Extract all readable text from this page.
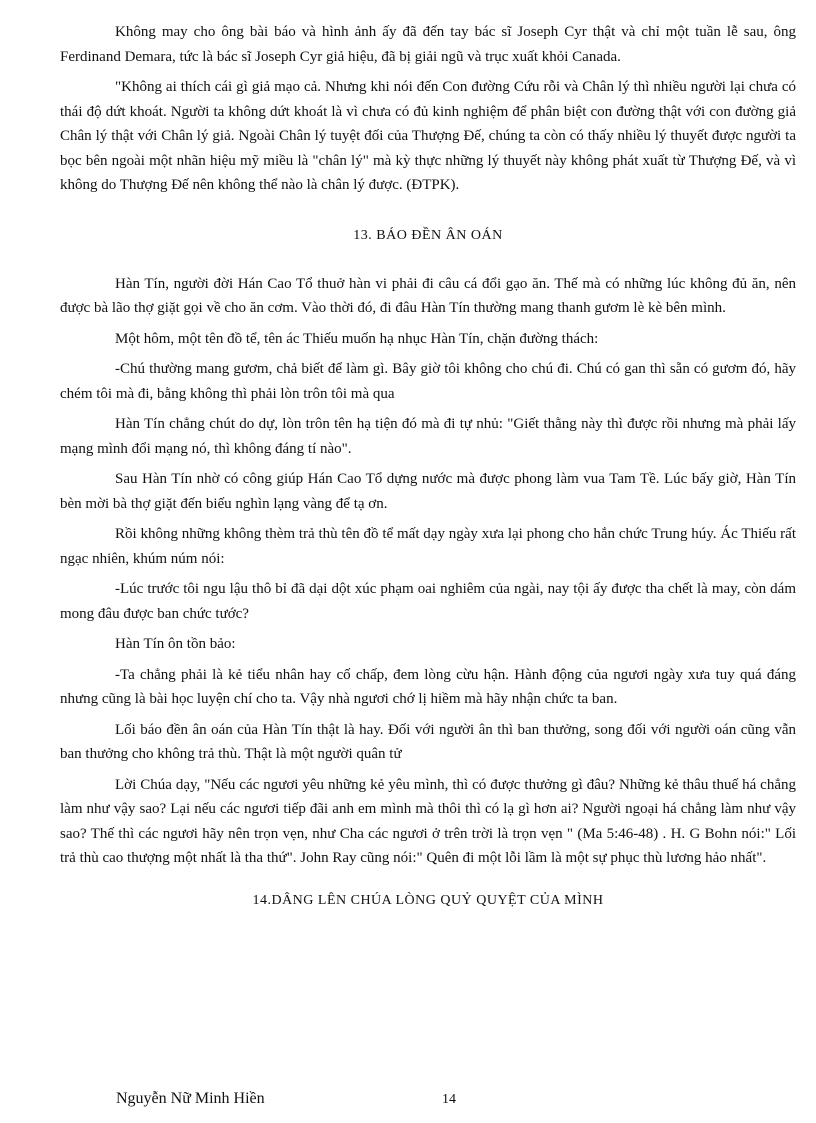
Không may cho ông bài báo và hình ảnh ấy đã đến tay bác sĩ Joseph Cyr thật và chỉ một tuần lễ sau, ông Ferdinand Demara, tức là bác sĩ Joseph Cyr giả hiệu, đã bị giải ngũ và trục xuất khỏi Canada.

"Không ai thích cái gì giả mạo cả. Nhưng khi nói đến Con đường Cứu rỗi và Chân lý thì nhiều người lại chưa có thái độ dứt khoát. Người ta không dứt khoát là vì chưa có đủ kinh nghiệm để phân biệt con đường thật với con đường giả Chân lý thật với Chân lý giả. Ngoài Chân lý tuyệt đối của Thượng Đế, chúng ta còn có thấy nhiều lý thuyết được người ta bọc bên ngoài một nhãn hiệu mỹ miều là "chân lý" mà kỳ thực những lý thuyết này không phát xuất từ Thượng Đế, và vì không do Thượng Đế nên không thể nào là chân lý được. (ĐTPK).

13. BÁO ĐỀN ÂN OÁN

Hàn Tín, người đời Hán Cao Tổ thuở hàn vi phải đi câu cá đổi gạo ăn. Thế mà có những lúc không đủ ăn, nên được bà lão thợ giặt gọi về cho ăn cơm. Vào thời đó, đi đâu Hàn Tín thường mang thanh gươm lè kè bên mình.

Một hôm, một tên đồ tể, tên ác Thiếu muốn hạ nhục Hàn Tín, chặn đường thách:

-Chú thường mang gươm, chả biết để làm gì. Bây giờ tôi không cho chú đi. Chú có gan thì sẵn có gươm đó, hãy chém tôi mà đi, bằng không thì phải lòn trôn tôi mà qua

Hàn Tín chẳng chút do dự, lòn trôn tên hạ tiện đó mà đi tự nhủ: "Giết thằng này thì được rồi nhưng mà phải lấy mạng mình đổi mạng nó, thì không đáng tí nào".

Sau Hàn Tín nhờ có công giúp Hán Cao Tổ dựng nước mà được phong làm vua Tam Tề. Lúc bấy giờ, Hàn Tín bèn mời bà thợ giặt đến biếu nghìn lạng vàng để tạ ơn.

Rồi không những không thèm trả thù tên đồ tể mất dạy ngày xưa lại phong cho hắn chức Trung húy. Ác Thiếu rất ngạc nhiên, khúm núm nói:

-Lúc trước tôi ngu lậu thô bỉ đã dại dột xúc phạm oai nghiêm của ngài, nay tội ấy được tha chết là may, còn dám mong đâu được ban chức tước?

Hàn Tín ôn tồn bảo:

-Ta chẳng phải là kẻ tiểu nhân hay cố chấp, đem lòng cừu hận. Hành động của ngươi ngày xưa tuy quá đáng nhưng cũng là bài học luyện chí cho ta. Vậy nhà ngươi chớ lị hiềm mà hãy nhận chức ta ban.

Lối báo đền ân oán của Hàn Tín thật là hay. Đối với người ân thì ban thưởng, song đối với người oán cũng vẫn ban thưởng cho không trả thù. Thật là một người quân tử

Lời Chúa dạy, "Nếu các ngươi yêu những kẻ yêu mình, thì có được thưởng gì đâu? Những kẻ thâu thuế há chẳng làm như vậy sao? Lại nếu các ngươi tiếp đãi anh em mình mà thôi thì có lạ gì hơn ai? Người ngoại há chẳng làm như vậy sao? Thế thì các ngươi hãy nên trọn vẹn, như Cha các ngươi ở trên trời là trọn vẹn " (Ma 5:46-48) . H. G Bohn nói:" Lối trả thù cao thượng một nhất là tha thứ". John Ray cũng nói:" Quên đi một lỗi lầm là một sự phục thù lương hảo nhất".

14.DÂNG LÊN CHÚA LÒNG QUỶ QUYỆT CỦA MÌNH
Nguyễn Nữ Minh Hiền	14
